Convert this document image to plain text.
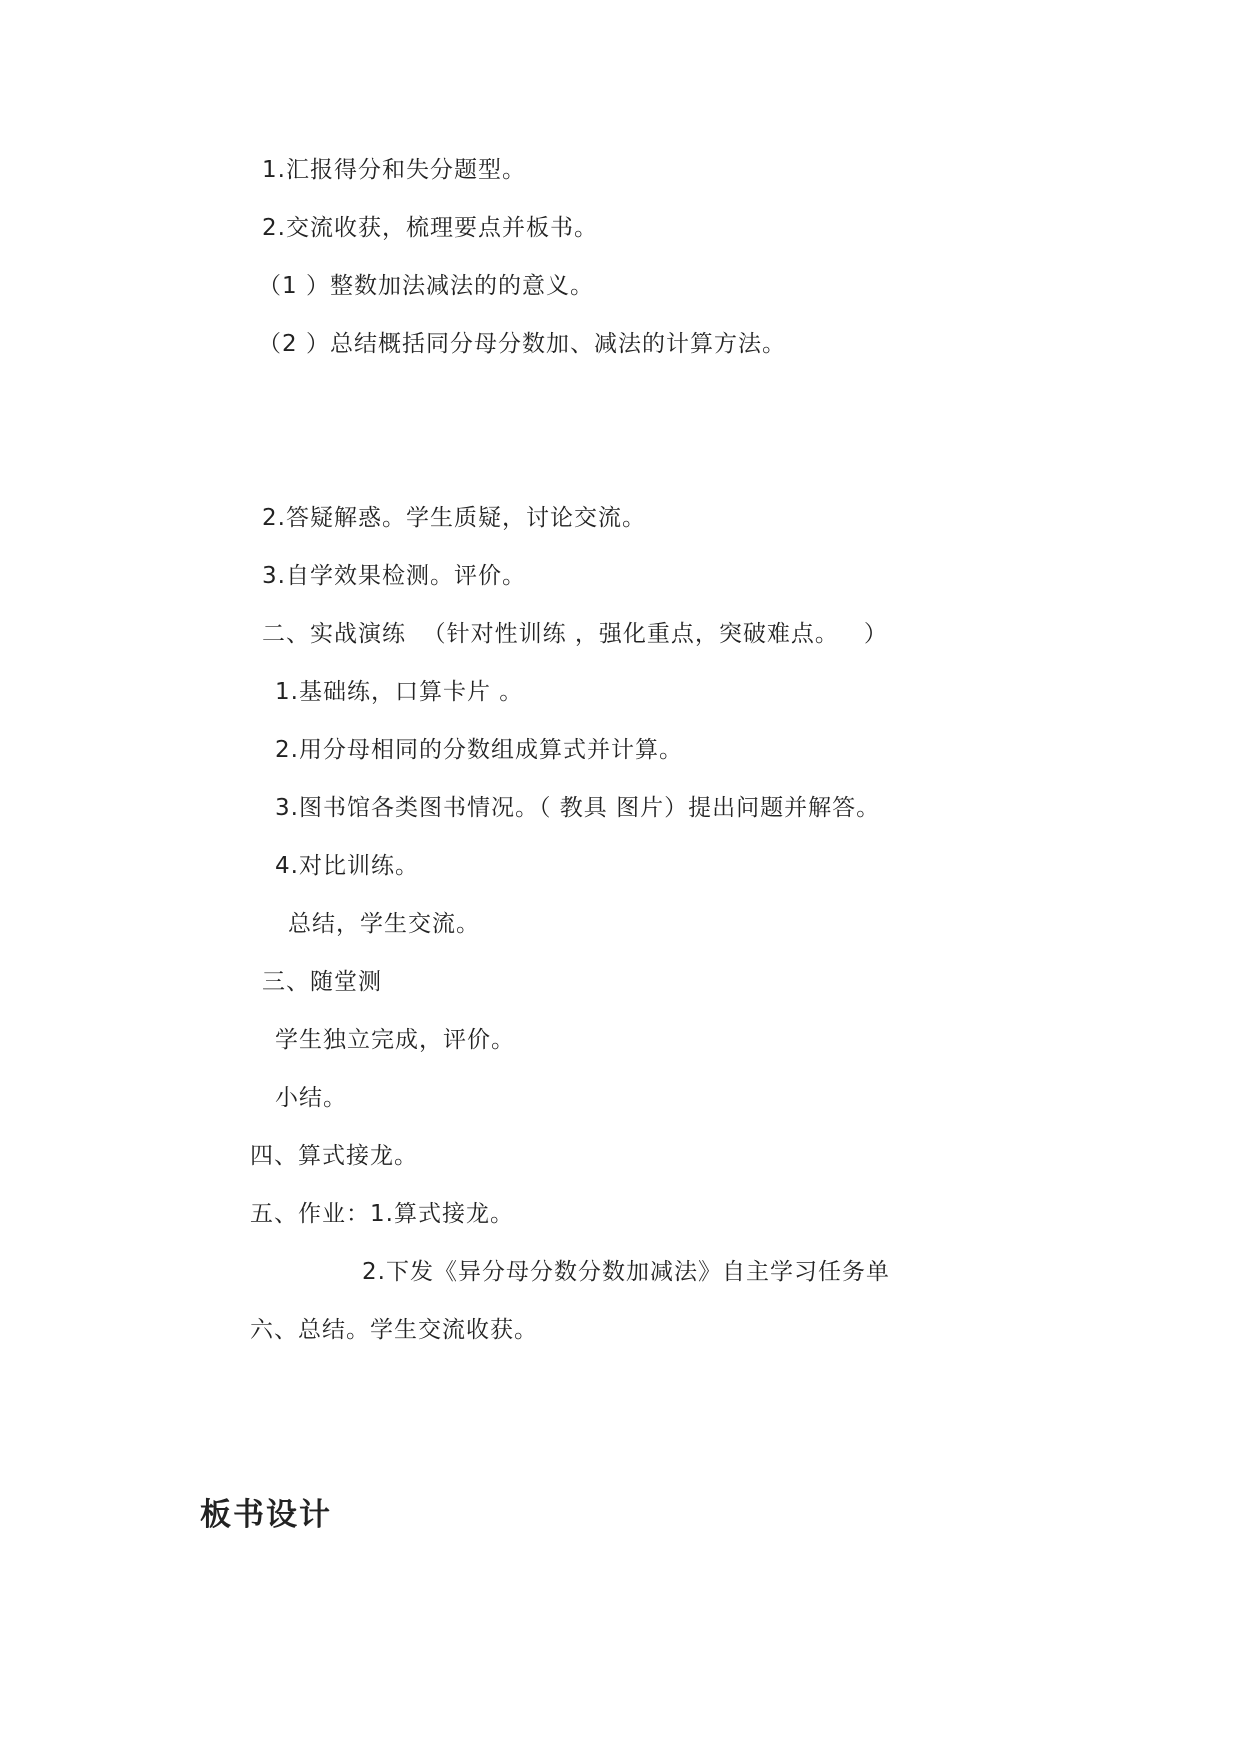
1.汇报得分和失分题型。
2.交流收获，梳理要点并板书。
（1 ）整数加法减法的的意义。
（2 ）总结概括同分母分数加、减法的计算方法。
2.答疑解惑。学生质疑，讨论交流。
3.自学效果检测。评价。
二、实战演练  （针对性训练 ，强化重点，突破难点。   ）
1.基础练，口算卡片 。
2.用分母相同的分数组成算式并计算。
3.图书馆各类图书情况。（ 教具 图片）提出问题并解答。
4.对比训练。
总结，学生交流。
三、随堂测
学生独立完成，评价。
小结。
四、算式接龙。
五、作业：1.算式接龙。
2.下发《异分母分数分数加减法》自主学习任务单
六、总结。学生交流收获。
板书设计
